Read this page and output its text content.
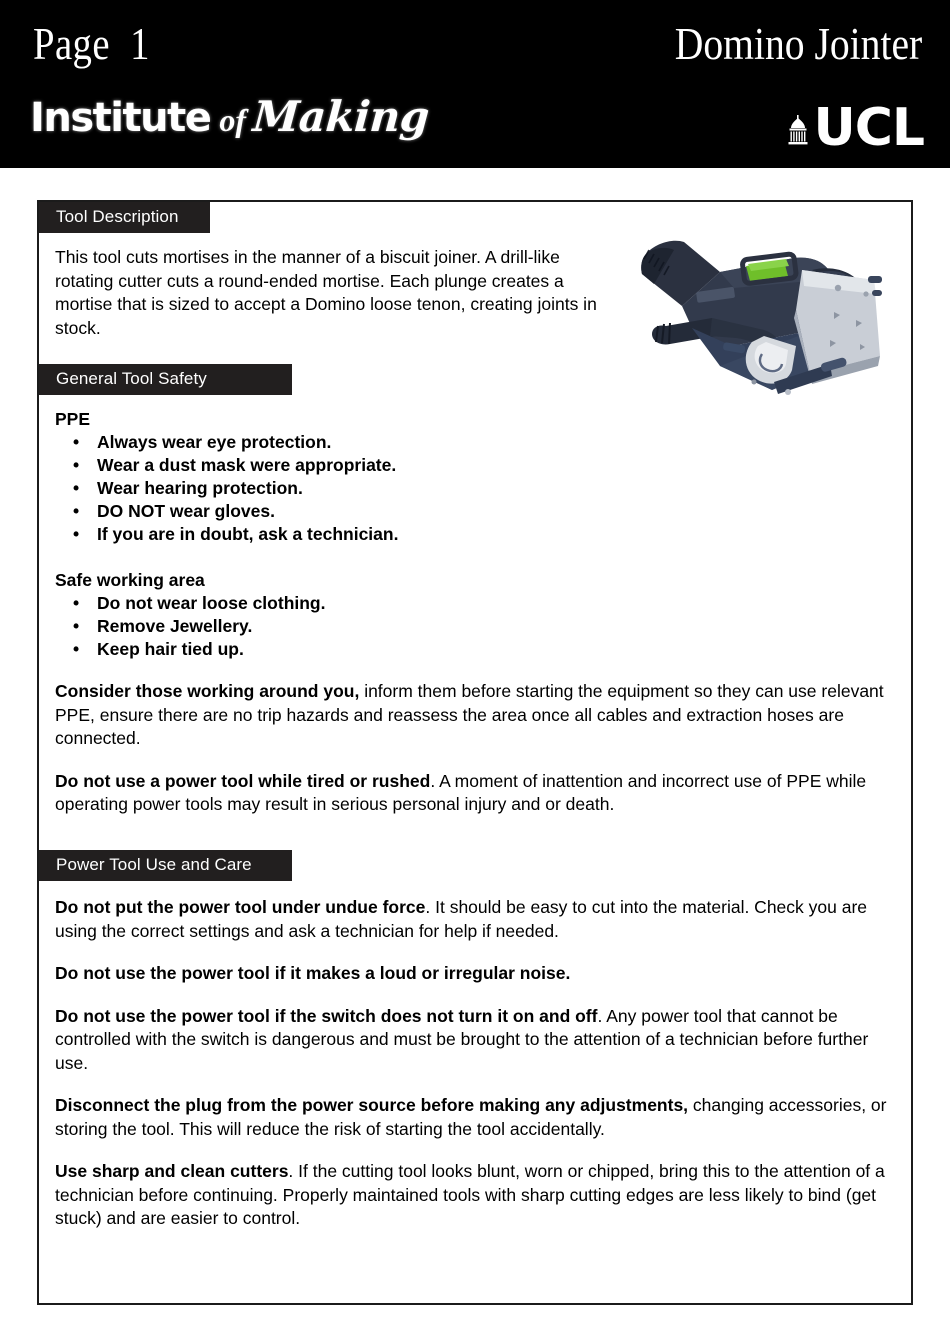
Page  1	Domino Jointer
Institute of Making	UCL
Tool Description
This tool cuts mortises in the manner of a biscuit joiner. A drill-like rotating cutter cuts a round-ended mortise. Each plunge creates a mortise that is sized to accept a Domino loose tenon, creating joints in stock.
General Tool Safety
PPE
• Always wear eye protection.
• Wear a dust mask were appropriate.
• Wear hearing protection.
• DO NOT wear gloves.
• If you are in doubt, ask a technician.
Safe working area
• Do not wear loose clothing.
• Remove Jewellery.
• Keep hair tied up.

Consider those working around you, inform them before starting the equipment so they can use relevant PPE, ensure there are no trip hazards and reassess the area once all cables and extraction hoses are connected.

Do not use a power tool while tired or rushed. A moment of inattention and incorrect use of PPE while operating power tools may result in serious personal injury and or death.

Power Tool Use and Care

Do not put the power tool under undue force. It should be easy to cut into the material. Check you are using the correct settings and ask a technician for help if needed.

Do not use the power tool if it makes a loud or irregular noise.

Do not use the power tool if the switch does not turn it on and off. Any power tool that cannot be controlled with the switch is dangerous and must be brought to the attention of a technician before further use.

Disconnect the plug from the power source before making any adjustments, changing accessories, or storing the tool. This will reduce the risk of starting the tool accidentally.

Use sharp and clean cutters. If the cutting tool looks blunt, worn or chipped, bring this to the attention of a technician before continuing. Properly maintained tools with sharp cutting edges are less likely to bind (get stuck) and are easier to control.
